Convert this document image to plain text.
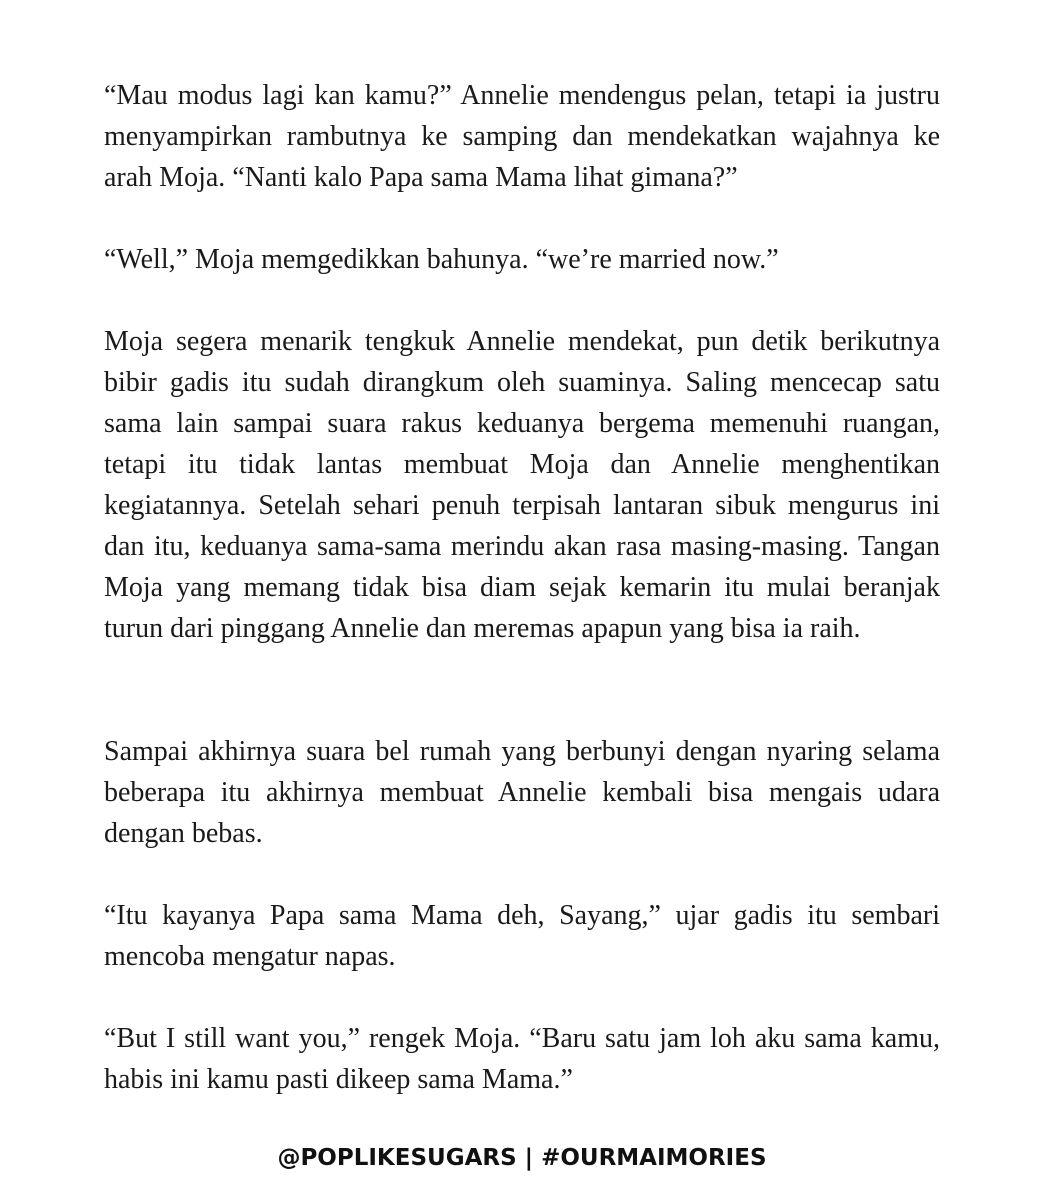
“Mau modus lagi kan kamu?” Annelie mendengus pelan, tetapi ia justru menyampirkan rambutnya ke samping dan mendekatkan wajahnya ke arah Moja. “Nanti kalo Papa sama Mama lihat gimana?”

“Well,” Moja memgedikkan bahunya. “we’re married now.”

Moja segera menarik tengkuk Annelie mendekat, pun detik berikutnya bibir gadis itu sudah dirangkum oleh suaminya. Saling mencecap satu sama lain sampai suara rakus keduanya bergema memenuhi ruangan, tetapi itu tidak lantas membuat Moja dan Annelie menghentikan kegiatannya. Setelah sehari penuh terpisah lantaran sibuk mengurus ini dan itu, keduanya sama-sama merindu akan rasa masing-masing. Tangan Moja yang memang tidak bisa diam sejak kemarin itu mulai beranjak turun dari pinggang Annelie dan meremas apapun yang bisa ia raih.

Sampai akhirnya suara bel rumah yang berbunyi dengan nyaring selama beberapa itu akhirnya membuat Annelie kembali bisa mengais udara dengan bebas.

“Itu kayanya Papa sama Mama deh, Sayang,” ujar gadis itu sembari mencoba mengatur napas.

“But I still want you,” rengek Moja. “Baru satu jam loh aku sama kamu, habis ini kamu pasti dikeep sama Mama.”

@POPLIKESUGARS | #OURMAIMORIES
